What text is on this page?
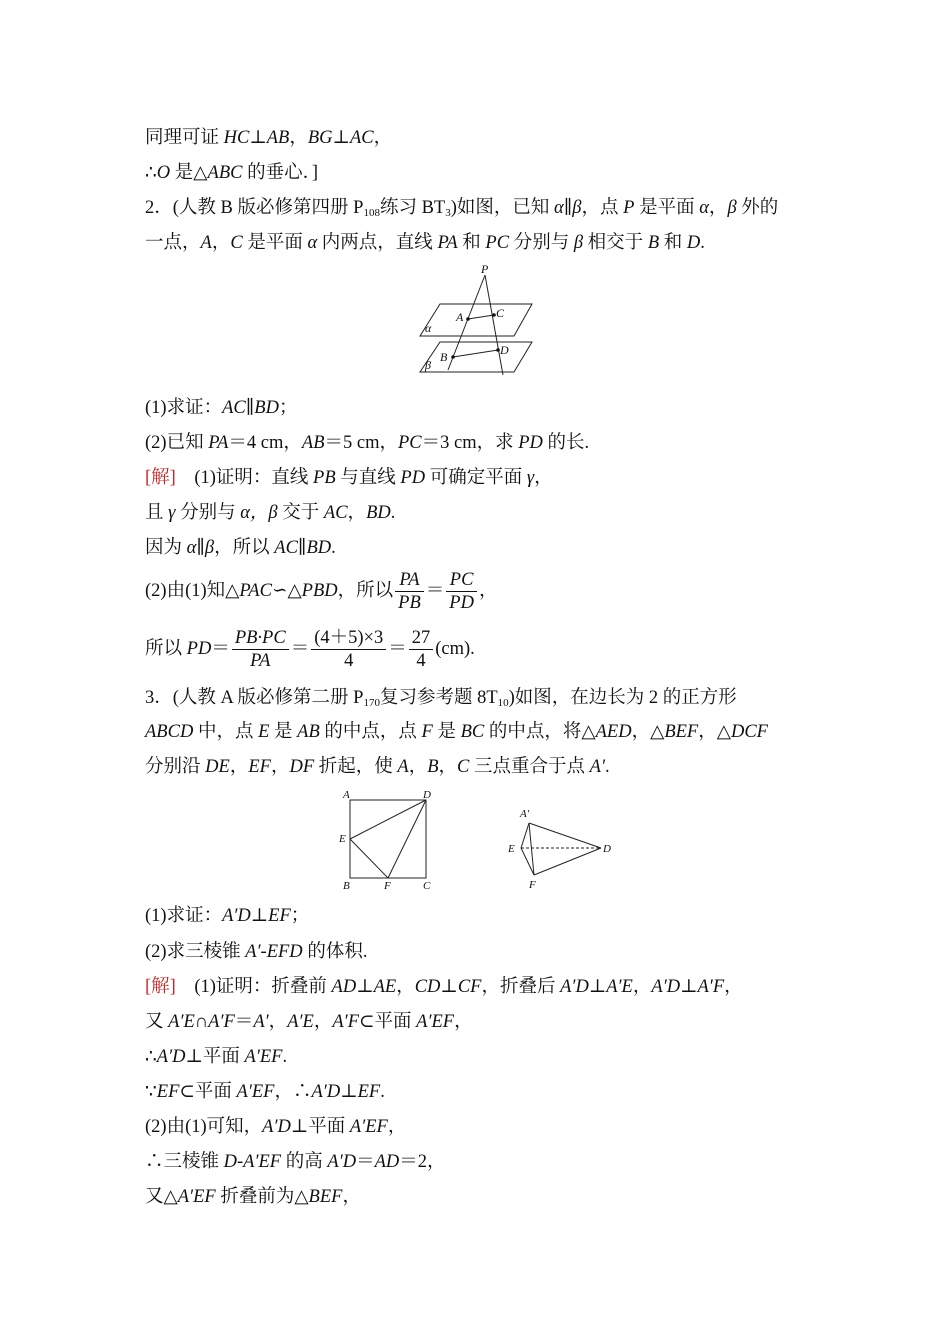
同理可证 HC⊥AB，BG⊥AC，
∴O 是△ABC 的垂心．]
2．(人教 B 版必修第四册 $P_{108}$练习 $BT_3$)如图，已知 α∥β，点 P 是平面 α，β 外的
一点，A，C 是平面 α 内两点，直线 PA 和 PC 分别与 β 相交于 B 和 D.
P
A	C
α
B	D
β
(1)求证：AC∥BD；
(2)已知 PA＝4 cm，AB＝5 cm，PC＝3 cm，求 PD 的长.
[解]　(1)证明：直线 PB 与直线 PD 可确定平面 γ，
且 γ 分别与 α，β 交于 AC，BD.
因为 α∥β，所以 AC∥BD.
(2)由(1)知△PAC∽△PBD，所以 $\frac{PA}{PB} = \frac{PC}{PD}$ ，
所以 $PD= \frac{PB\cdot PC}{PA} = \frac{(4+5)\times 3}{4} = \frac{27}{4} (cm)$.
3．(人教 A 版必修第二册 $P_{170}$复习参考题 $8T_{10}$)如图，在边长为 2 的正方形
ABCD 中，点 E 是 AB 的中点，点 F 是 BC 的中点，将△AED，△BEF，△DCF
分别沿 DE，EF，DF 折起，使 A，B，C 三点重合于点 A′.
A	D
E
B	F	C
A′
E	D
F
(1)求证：A′D⊥EF；
(2)求三棱锥 A′-EFD 的体积.
[解]　(1)证明：折叠前 AD⊥AE，CD⊥CF，折叠后 A′D⊥A′E，A′D⊥A′F，
又 A′E∩A′F＝A′，A′E，A′F⊂平面 A′EF，
∴A′D⊥平面 A′EF.
∵EF⊂平面 A′EF，∴A′D⊥EF.
(2)由(1)可知，A′D⊥平面 A′EF，
∴三棱锥 D-A′EF 的高 A′D＝AD＝2，
又△A′EF 折叠前为△BEF，
